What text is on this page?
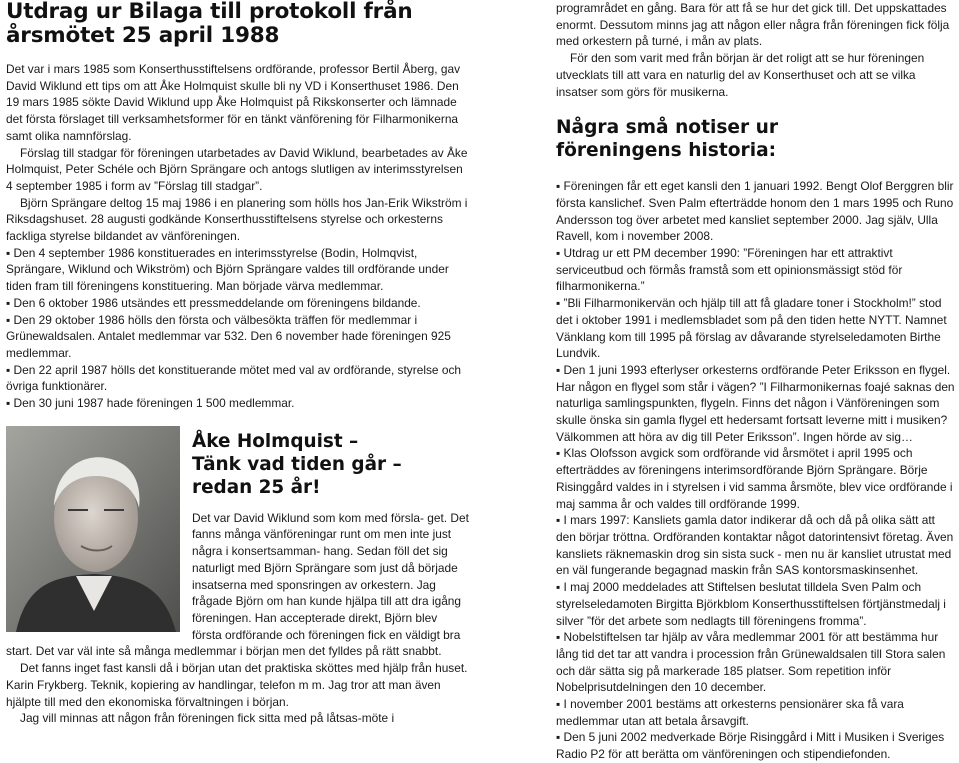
Utdrag ur Bilaga till protokoll från
årsmötet 25 april 1988

Det var i mars 1985 som Konserthusstiftelsens ordförande, professor Bertil Åberg, gav David Wiklund ett tips om att Åke Holmquist skulle bli ny VD i Konserthuset 1986. Den 19 mars 1985 sökte David Wiklund upp Åke Holmquist på Rikskonserter och lämnade det första förslaget till verksamhetsformer för en tänkt vänförening för Filharmonikerna samt olika namnförslag.

Förslag till stadgar för föreningen utarbetades av David Wiklund, bearbetades av Åke Holmquist, Peter Schéle och Björn Sprängare och antogs slutligen av interimsstyrelsen 4 september 1985 i form av ”Förslag till stadgar”.

Björn Sprängare deltog 15 maj 1986 i en planering som hölls hos Jan-Erik Wikström i Riksdagshuset. 28 augusti godkände Konserthusstiftelsens styrelse och orkesterns fackliga styrelse bildandet av vänföreningen.

▪ Den 4 september 1986 konstituerades en interimsstyrelse (Bodin, Holmqvist, Sprängare, Wiklund och Wikström) och Björn Sprängare valdes till ordförande under tiden fram till föreningens konstituering. Man började värva medlemmar.

▪ Den 6 oktober 1986 utsändes ett pressmeddelande om föreningens bildande.

▪ Den 29 oktober 1986 hölls den första och välbesökta träffen för medlemmar i Grünewaldsalen. Antalet medlemmar var 532. Den 6 november hade föreningen 925 medlemmar.

▪ Den 22 april 1987 hölls det konstituerande mötet med val av ordförande, styrelse och övriga funktionärer.

▪ Den 30 juni 1987 hade föreningen 1 500 medlemmar.

Åke Holmquist –
Tänk vad tiden går –
redan 25 år!

Det var David Wiklund som kom med försla- get. Det fanns många vänföreningar runt om men inte just några i konsertsamman- hang. Sedan föll det sig naturligt med Björn Sprängare som just då började insatserna med sponsringen av orkestern. Jag frågade Björn om han kunde hjälpa till att dra igång föreningen. Han accepterade direkt, Björn blev första ordförande och föreningen fick en väldigt bra start. Det var väl inte så många medlemmar i början men det fylldes på rätt snabbt.

Det fanns inget fast kansli då i början utan det praktiska sköttes med hjälp från huset. Karin Frykberg. Teknik, kopiering av handlingar, telefon m m. Jag tror att man även hjälpte till med den ekonomiska förvaltningen i början.

Jag vill minnas att någon från föreningen fick sitta med på låtsas-möte i

programrådet en gång. Bara för att få se hur det gick till. Det uppskattades enormt. Dessutom minns jag att någon eller några från föreningen fick följa med orkestern på turné, i mån av plats.

För den som varit med från början är det roligt att se hur föreningen utvecklats till att vara en naturlig del av Konserthuset och att se vilka insatser som görs för musikerna.

Några små notiser ur
föreningens historia:

▪ Föreningen får ett eget kansli den 1 januari 1992. Bengt Olof Berggren blir första kanslichef. Sven Palm efterträdde honom den 1 mars 1995 och Runo Andersson tog över arbetet med kansliet september 2000. Jag själv, Ulla Ravell, kom i november 2008.

▪ Utdrag ur ett PM december 1990: ”Föreningen har ett attraktivt serviceutbud och förmås framstå som ett opinionsmässigt stöd för filharmonikerna.”

▪ ”Bli Filharmonikervän och hjälp till att få gladare toner i Stockholm!” stod det i oktober 1991 i medlemsbladet som på den tiden hette NYTT. Namnet Vänklang kom till 1995 på förslag av dåvarande styrelseledamoten Birthe Lundvik.

▪ Den 1 juni 1993 efterlyser orkesterns ordförande Peter Eriksson en flygel. Har någon en flygel som står i vägen? ”I Filharmonikernas foajé saknas den naturliga samlingspunkten, flygeln. Finns det någon i Vänföreningen som skulle önska sin gamla flygel ett hedersamt fortsatt leverne mitt i musiken? Välkommen att höra av dig till Peter Eriksson”. Ingen hörde av sig…

▪ Klas Olofsson avgick som ordförande vid årsmötet i april 1995 och efterträddes av föreningens interimsordförande Björn Sprängare. Börje Risinggård valdes in i styrelsen i vid samma årsmöte, blev vice ordförande i maj samma år och valdes till ordförande 1999.

▪ I mars 1997: Kansliets gamla dator indikerar då och då på olika sätt att den börjar tröttna. Ordföranden kontaktar något datorintensivt företag. Även kansliets räknemaskin drog sin sista suck - men nu är kansliet utrustat med en väl fungerande begagnad maskin från SAS kontorsmaskinsenhet.

▪ I maj 2000 meddelades att Stiftelsen beslutat tilldela Sven Palm och styrelseledamoten Birgitta Björkblom Konserthusstiftelsen förtjänstmedalj i silver ”för det arbete som nedlagts till föreningens fromma”.

▪ Nobelstiftelsen tar hjälp av våra medlemmar 2001 för att bestämma hur lång tid det tar att vandra i procession från Grünewaldsalen till Stora salen och där sätta sig på markerade 185 platser. Som repetition inför Nobelprisutdelningen den 10 december.

▪ I november 2001 bestäms att orkesterns pensionärer ska få vara medlemmar utan att betala årsavgift.

▪ Den 5 juni 2002 medverkade Börje Risinggård i Mitt i Musiken i Sveriges Radio P2 för att berätta om vänföreningen och stipendiefonden.
